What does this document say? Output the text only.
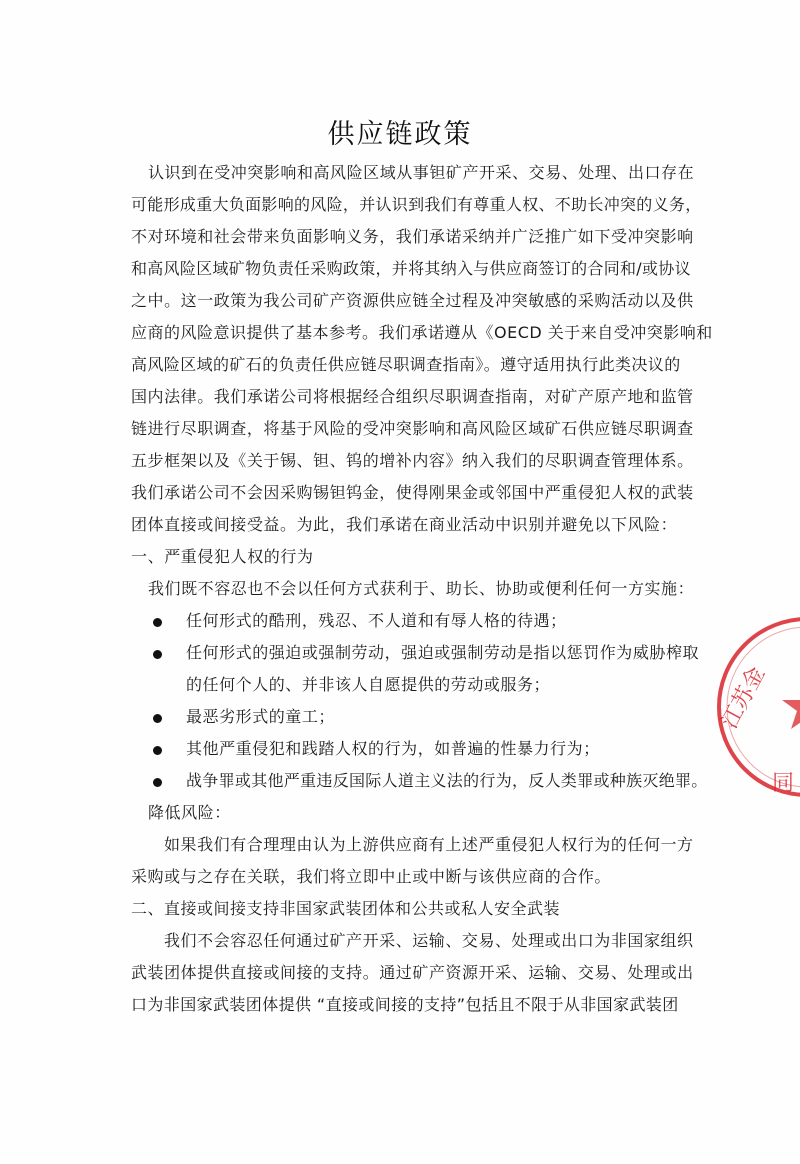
供应链政策
认识到在受冲突影响和高风险区域从事钽矿产开采、交易、处理、出口存在
可能形成重大负面影响的风险，并认识到我们有尊重人权、不助长冲突的义务，
不对环境和社会带来负面影响义务，我们承诺采纳并广泛推广如下受冲突影响
和高风险区域矿物负责任采购政策，并将其纳入与供应商签订的合同和/或协议
之中。这一政策为我公司矿产资源供应链全过程及冲突敏感的采购活动以及供
应商的风险意识提供了基本参考。我们承诺遵从《OECD 关于来自受冲突影响和
高风险区域的矿石的负责任供应链尽职调查指南》。遵守适用执行此类决议的
国内法律。我们承诺公司将根据经合组织尽职调查指南，对矿产原产地和监管
链进行尽职调查，将基于风险的受冲突影响和高风险区域矿石供应链尽职调查
五步框架以及《关于锡、钽、钨的增补内容》纳入我们的尽职调查管理体系。
我们承诺公司不会因采购锡钽钨金，使得刚果金或邻国中严重侵犯人权的武装
团体直接或间接受益。为此，我们承诺在商业活动中识别并避免以下风险：
一、严重侵犯人权的行为
我们既不容忍也不会以任何方式获利于、助长、协助或便利任何一方实施：
任何形式的酷刑，残忍、不人道和有辱人格的待遇；
任何形式的强迫或强制劳动，强迫或强制劳动是指以惩罚作为威胁榨取
的任何个人的、并非该人自愿提供的劳动或服务；
最恶劣形式的童工；
其他严重侵犯和践踏人权的行为，如普遍的性暴力行为；
战争罪或其他严重违反国际人道主义法的行为，反人类罪或种族灭绝罪。
降低风险：
如果我们有合理理由认为上游供应商有上述严重侵犯人权行为的任何一方
采购或与之存在关联，我们将立即中止或中断与该供应商的合作。
二、直接或间接支持非国家武装团体和公共或私人安全武装
我们不会容忍任何通过矿产开采、运输、交易、处理或出口为非国家组织
武装团体提供直接或间接的支持。通过矿产资源开采、运输、交易、处理或出
口为非国家武装团体提供 “直接或间接的支持”包括且不限于从非国家武装团
江苏金
同
